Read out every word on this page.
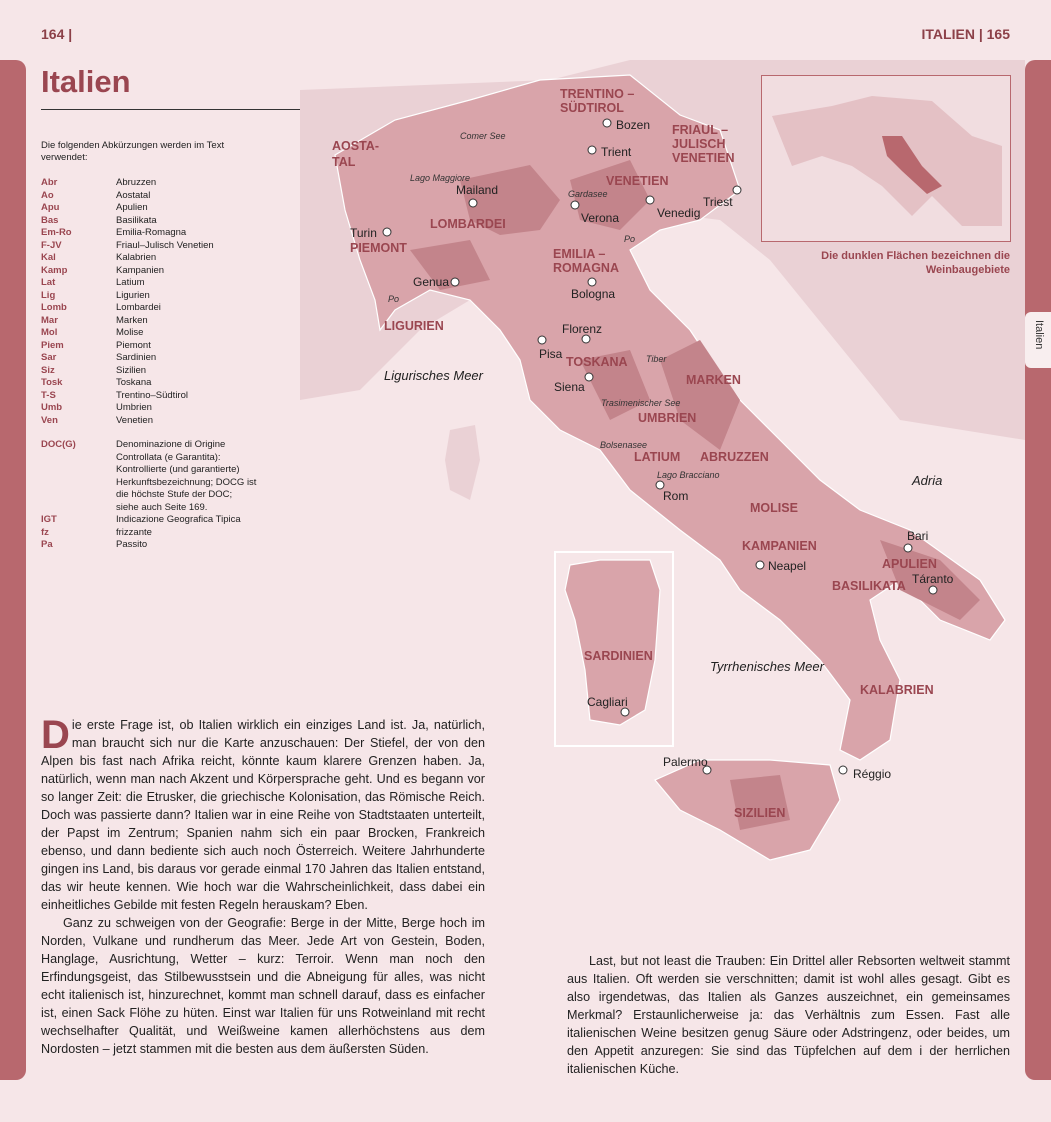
164 |	ITALIEN | 165
Italien
Italien
Die folgenden Abkürzungen werden im Text verwendet:
Abr	Abruzzen
Ao	Aostatal
Apu	Apulien
Bas	Basilikata
Em-Ro	Emilia-Romagna
F-JV	Friaul–Julisch Venetien
Kal	Kalabrien
Kamp	Kampanien
Lat	Latium
Lig	Ligurien
Lomb	Lombardei
Mar	Marken
Mol	Molise
Piem	Piemont
Sar	Sardinien
Siz	Sizilien
Tosk	Toskana
T-S	Trentino–Südtirol
Umb	Umbrien
Ven	Venetien
DOC(G)	Denominazione di Origine
Controllata (e Garantita):
Kontrollierte (und garantierte)
Herkunftsbezeichnung; DOCG ist
die höchste Stufe der DOC;
siehe auch Seite 169.
IGT	Indicazione Geografica Tipica
fz	frizzante
Pa	Passito
TRENTINO –
SÜDTIROL
AOSTA-
TAL
FRIAUL –
JULISCH
VENETIEN
VENETIEN
LOMBARDEI
PIEMONT	EMILIA –
ROMAGNA
LIGURIEN
TOSKANA
MARKEN
UMBRIEN
LATIUM ABRUZZEN
MOLISE
KAMPANIEN
APULIEN
BASILIKATA
SARDINIEN
KALABRIEN
SIZILIEN
Bozen
Trient
Mailand
Triest
Venedig
Verona
Turin
Genua
Bologna
Florenz
Pisa
Siena
Rom
Bari
Neapel
Táranto
Cagliari
Palermo
Réggio
Comer See
Lago Maggiore
Gardasee
Po
Po
Tiber
Trasimenischer See
Bolsenasee
Lago Bracciano
Ligurisches Meer
Adria
Tyrrhenisches Meer
Die dunklen Flächen bezeichnen die Weinbaugebiete

Die erste Frage ist, ob Italien wirklich ein einziges Land ist. Ja, natürlich, man braucht sich nur die Karte anzuschauen: Der Stiefel, der von den Alpen bis fast nach Afrika reicht, könnte kaum klarere Grenzen haben. Ja, natürlich, wenn man nach Akzent und Körpersprache geht. Und es begann vor so langer Zeit: die Etrusker, die griechische Kolonisation, das Römische Reich. Doch was passierte dann? Italien war in eine Reihe von Stadtstaaten unterteilt, der Papst im Zentrum; Spanien nahm sich ein paar Brocken, Frankreich ebenso, und dann bediente sich auch noch Österreich. Weitere Jahrhunderte gingen ins Land, bis daraus vor gerade einmal 170 Jahren das Italien entstand, das wir heute kennen. Wie hoch war die Wahrscheinlichkeit, dass dabei ein einheitliches Gebilde mit festen Regeln herauskam? Eben.

Ganz zu schweigen von der Geografie: Berge in der Mitte, Berge hoch im Norden, Vulkane und rundherum das Meer. Jede Art von Gestein, Boden, Hanglage, Ausrichtung, Wetter – kurz: Terroir. Wenn man noch den Erfindungsgeist, das Stilbewusstsein und die Abneigung für alles, was nicht echt italienisch ist, hinzurechnet, kommt man schnell darauf, dass es einfacher ist, einen Sack Flöhe zu hüten. Einst war Italien für uns Rotweinland mit recht wechselhafter Qualität, und Weißweine kamen allerhöchstens aus dem Nordosten – jetzt stammen mit die besten aus dem äußersten Süden.

Last, but not least die Trauben: Ein Drittel aller Rebsorten weltweit stammt aus Italien. Oft werden sie verschnitten; damit ist wohl alles gesagt. Gibt es also irgendetwas, das Italien als Ganzes auszeichnet, ein gemeinsames Merkmal? Erstaunlicherweise ja: das Verhältnis zum Essen. Fast alle italienischen Weine besitzen genug Säure oder Adstringenz, oder beides, um den Appetit anzuregen: Sie sind das Tüpfelchen auf dem i der herrlichen italienischen Küche.
